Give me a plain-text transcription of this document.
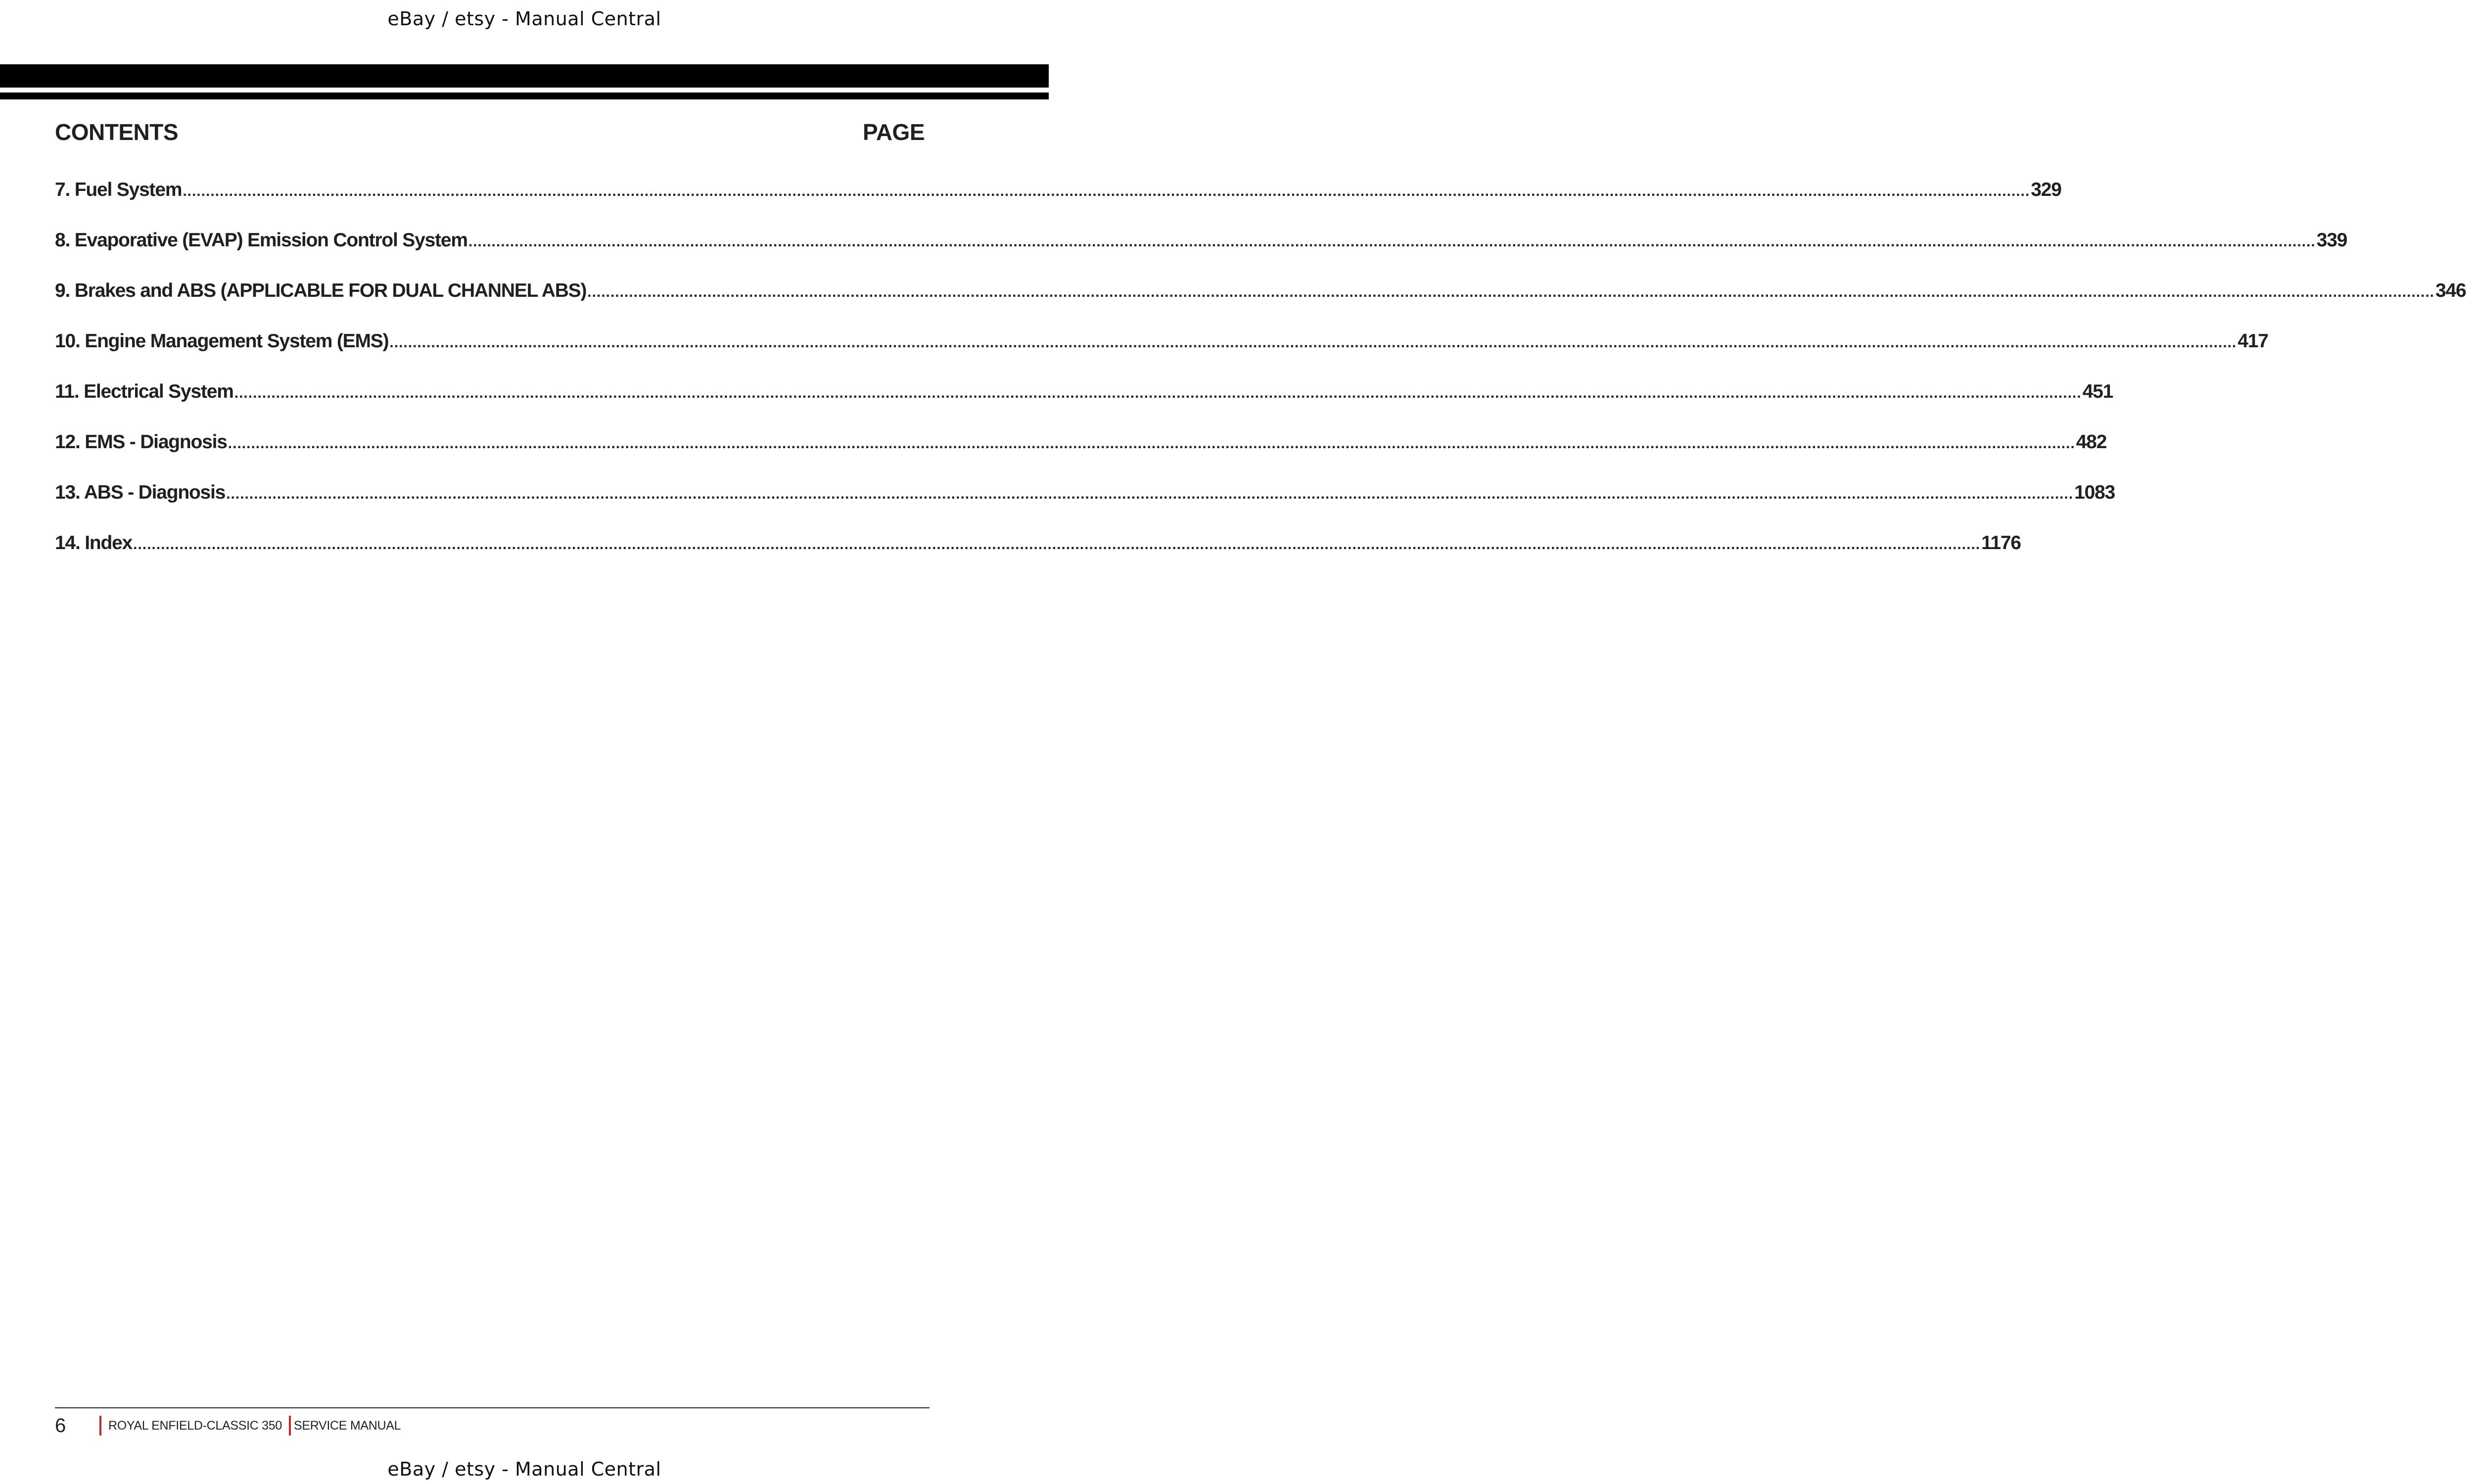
eBay / etsy - Manual Central
CONTENTS	PAGE
7. Fuel System ................................................................................................................................................................................................................................................................................................................................................................................................................ 329
8. Evaporative (EVAP) Emission Control System ................................................................................................................................................................................................................................................................................................................................................................................................................ 339
9. Brakes and ABS (APPLICABLE FOR DUAL CHANNEL ABS) ................................................................................................................................................................................................................................................................................................................................................................................................................ 346
10. Engine Management System (EMS) ................................................................................................................................................................................................................................................................................................................................................................................................................ 417
11. Electrical System ................................................................................................................................................................................................................................................................................................................................................................................................................ 451
12. EMS - Diagnosis ................................................................................................................................................................................................................................................................................................................................................................................................................ 482
13. ABS - Diagnosis ................................................................................................................................................................................................................................................................................................................................................................................................................ 1083
14. Index ................................................................................................................................................................................................................................................................................................................................................................................................................ 1176
6	ROYAL ENFIELD-CLASSIC 350 SERVICE MANUAL
eBay / etsy - Manual Central
